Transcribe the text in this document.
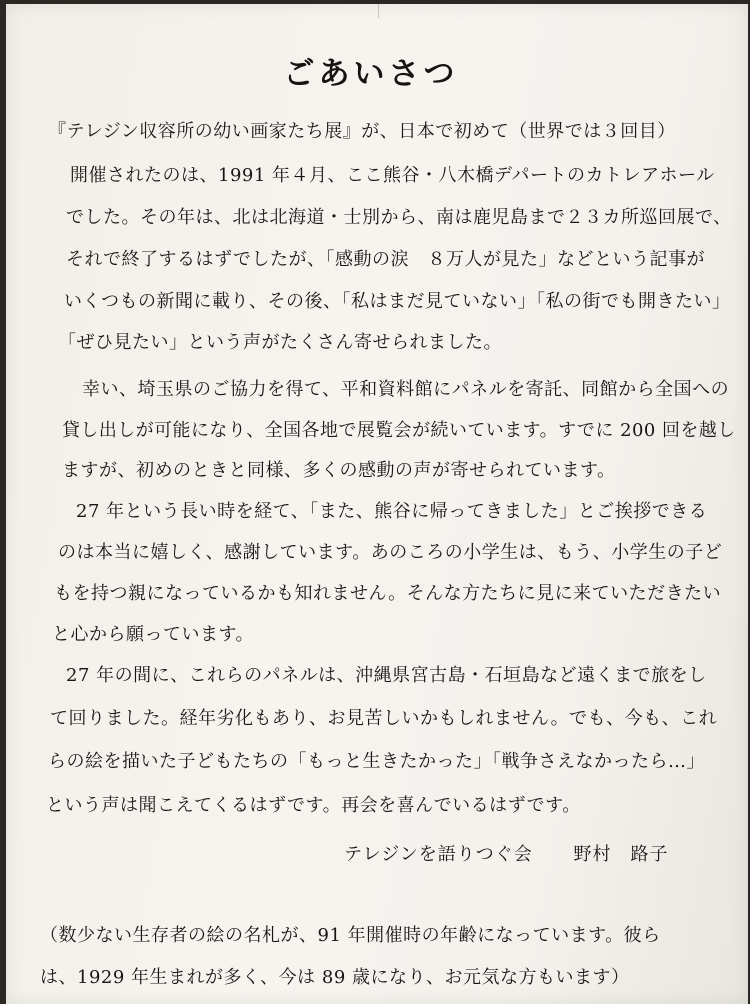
ごあいさつ

『テレジン収容所の幼い画家たち展』が、日本で初めて（世界では３回目）

開催されたのは、1991 年４月、ここ熊谷・八木橋デパートのカトレアホール

でした。その年は、北は北海道・士別から、南は鹿児島まで２３カ所巡回展で、

それで終了するはずでしたが、「感動の涙　８万人が見た」などという記事が

いくつもの新聞に載り、その後、「私はまだ見ていない」「私の街でも開きたい」

「ぜひ見たい」という声がたくさん寄せられました。

幸い、埼玉県のご協力を得て、平和資料館にパネルを寄託、同館から全国への

貸し出しが可能になり、全国各地で展覧会が続いています。すでに 200 回を越し

ますが、初めのときと同様、多くの感動の声が寄せられています。

27 年という長い時を経て、「また、熊谷に帰ってきました」とご挨拶できる

のは本当に嬉しく、感謝しています。あのころの小学生は、もう、小学生の子ど

もを持つ親になっているかも知れません。そんな方たちに見に来ていただきたい

と心から願っています。

27 年の間に、これらのパネルは、沖縄県宮古島・石垣島など遠くまで旅をし

て回りました。経年劣化もあり、お見苦しいかもしれません。でも、今も、これ

らの絵を描いた子どもたちの「もっと生きたかった」「戦争さえなかったら…」

という声は聞こえてくるはずです。再会を喜んでいるはずです。

テレジンを語りつぐ会 野村　路子

（数少ない生存者の絵の名札が、91 年開催時の年齢になっています。彼ら

は、1929 年生まれが多く、今は 89 歳になり、お元気な方もいます）
